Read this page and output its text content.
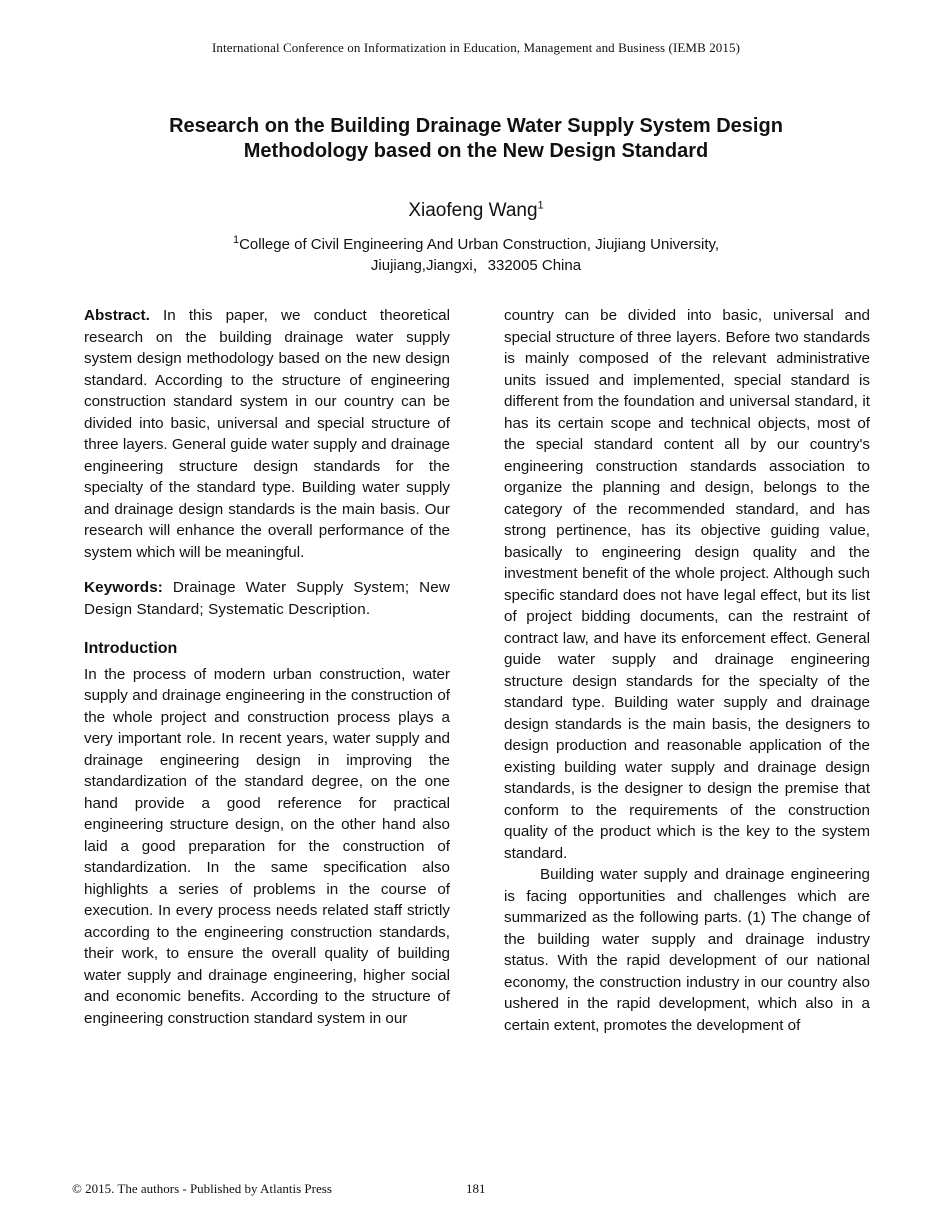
International Conference on Informatization in Education, Management and Business (IEMB 2015)
Research on the Building Drainage Water Supply System Design
Methodology based on the New Design Standard
Xiaofeng Wang$^1$
$^1$College of Civil Engineering And Urban Construction, Jiujiang University,
Jiujiang,Jiangxi，332005 China

Abstract. In this paper, we conduct theoretical research on the building drainage water supply system design methodology based on the new design standard. According to the structure of engineering construction standard system in our country can be divided into basic, universal and special structure of three layers. General guide water supply and drainage engineering structure design standards for the specialty of the standard type. Building water supply and drainage design standards is the main basis. Our research will enhance the overall performance of the system which will be meaningful.

Keywords: Drainage Water Supply System; New Design Standard; Systematic Description.

Introduction

In the process of modern urban construction, water supply and drainage engineering in the construction of the whole project and construction process plays a very important role. In recent years, water supply and drainage engineering design in improving the standardization of the standard degree, on the one hand provide a good reference for practical engineering structure design, on the other hand also laid a good preparation for the construction of standardization. In the same specification also highlights a series of problems in the course of execution. In every process needs related staff strictly according to the engineering construction standards, their work, to ensure the overall quality of building water supply and drainage engineering, higher social and economic benefits. According to the structure of engineering construction standard system in our

country can be divided into basic, universal and special structure of three layers. Before two standards is mainly composed of the relevant administrative units issued and implemented, special standard is different from the foundation and universal standard, it has its certain scope and technical objects, most of the special standard content all by our country's engineering construction standards association to organize the planning and design, belongs to the category of the recommended standard, and has strong pertinence, has its objective guiding value, basically to engineering design quality and the investment benefit of the whole project. Although such specific standard does not have legal effect, but its list of project bidding documents, can the restraint of contract law, and have its enforcement effect. General guide water supply and drainage engineering structure design standards for the specialty of the standard type. Building water supply and drainage design standards is the main basis, the designers to design production and reasonable application of the existing building water supply and drainage design standards, is the designer to design the premise that conform to the requirements of the construction quality of the product which is the key to the system standard.

Building water supply and drainage engineering is facing opportunities and challenges which are summarized as the following parts. (1) The change of the building water supply and drainage industry status. With the rapid development of our national economy, the construction industry in our country also ushered in the rapid development, which also in a certain extent, promotes the development of

© 2015. The authors - Published by Atlantis Press	181
